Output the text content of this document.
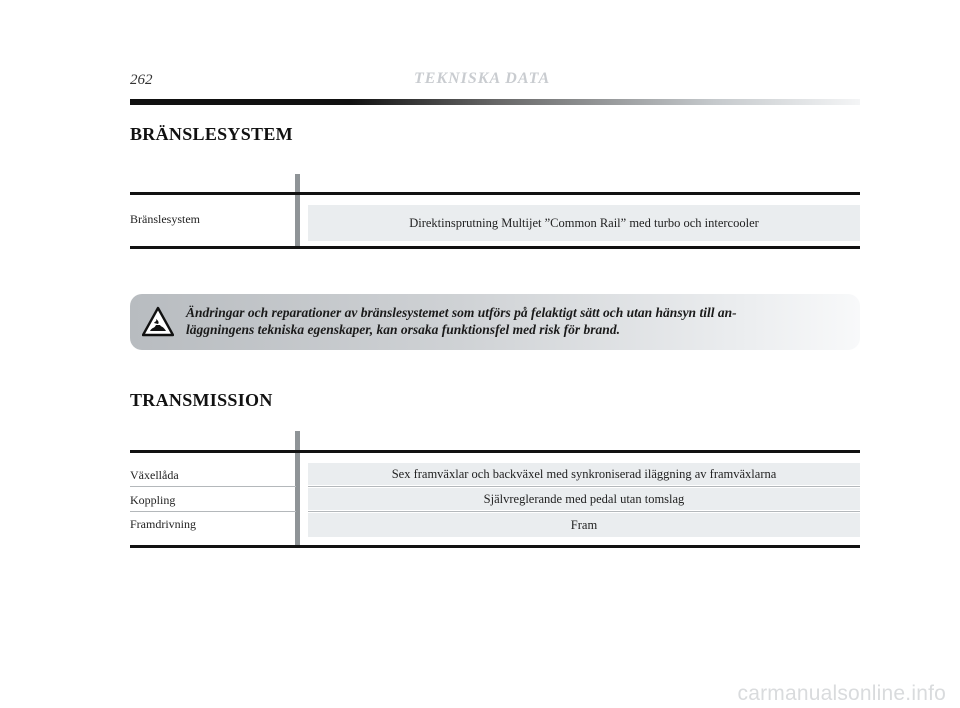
262	TEKNISKA DATA
BRÄNSLESYSTEM
Bränslesystem	Direktinsprutning Multijet ”Common Rail” med turbo och intercooler
Ändringar och reparationer av bränslesystemet som utförs på felaktigt sätt och utan hänsyn till an-
läggningens tekniska egenskaper, kan orsaka funktionsfel med risk för brand.
TRANSMISSION
Växellåda	Sex framväxlar och backväxel med synkroniserad iläggning av framväxlarna
Koppling	Självreglerande med pedal utan tomslag
Framdrivning	Fram
carmanualsonline.info
